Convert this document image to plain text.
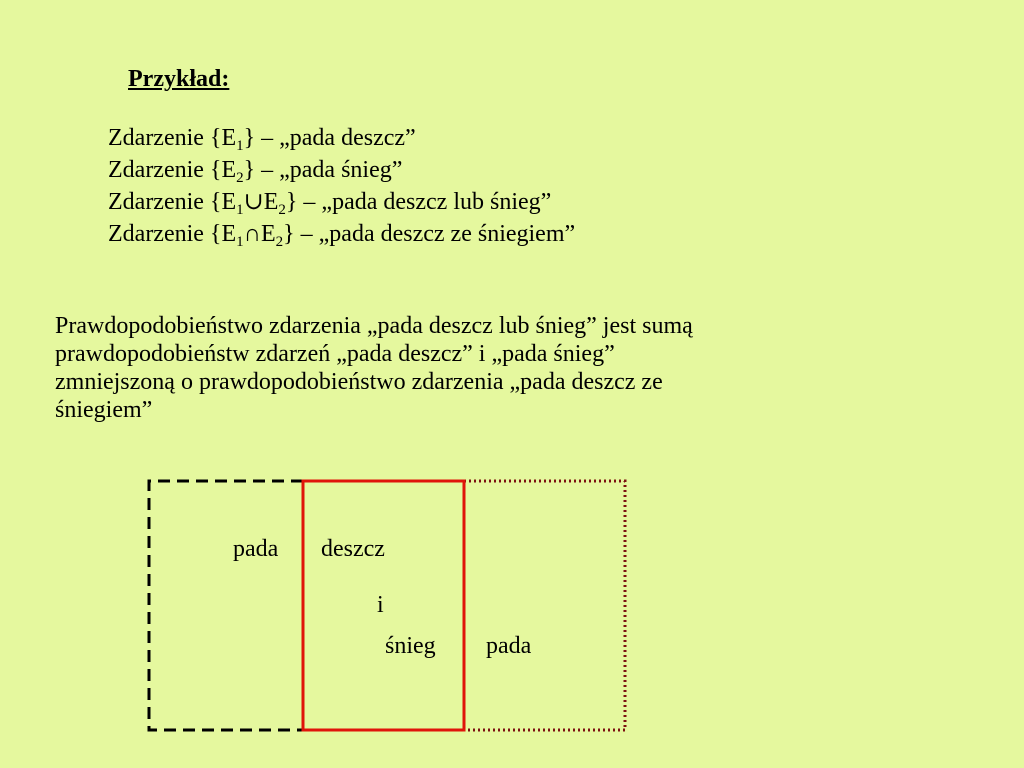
Przykład:
Zdarzenie $\{E_1\}$ – „pada deszcz”
Zdarzenie $\{E_2\}$ – „pada śnieg”
Zdarzenie $\{E_1\cup E_2\}$ – „pada deszcz lub śnieg”
Zdarzenie $\{E_1\cap E_2\}$ – „pada deszcz ze śniegiem”
Prawdopodobieństwo zdarzenia „pada deszcz lub śnieg” jest sumą
prawdopodobieństw zdarzeń „pada deszcz” i „pada śnieg”
zmniejszoną o prawdopodobieństwo zdarzenia „pada deszcz ze
śniegiem”
pada deszcz
i
śnieg pada
